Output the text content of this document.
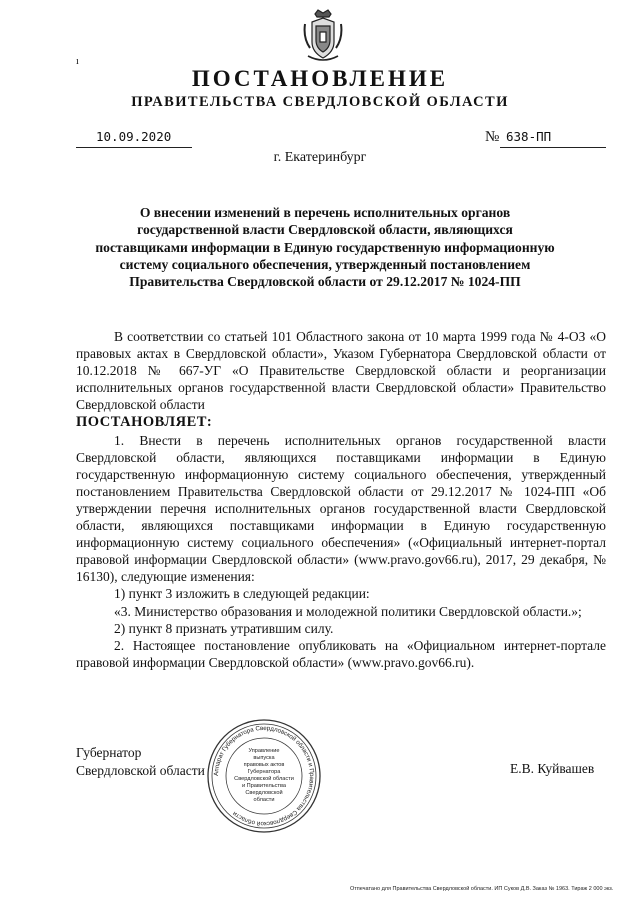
ı
ПОСТАНОВЛЕНИЕ
ПРАВИТЕЛЬСТВА СВЕРДЛОВСКОЙ ОБЛАСТИ
10.09.2020	№ 638-ПП
г. Екатеринбург
О внесении изменений в перечень исполнительных органов
государственной власти Свердловской области, являющихся
поставщиками информации в Единую государственную информационную
систему социального обеспечения, утвержденный постановлением
Правительства Свердловской области от 29.12.2017 № 1024-ПП

В соответствии со статьей 101 Областного закона от 10 марта 1999 года № 4-ОЗ «О правовых актах в Свердловской области», Указом Губернатора Свердловской области от 10.12.2018 № 667-УГ «О Правительстве Свердловской области и реорганизации исполнительных органов государственной власти Свердловской области» Правительство Свердловской области

ПОСТАНОВЛЯЕТ:

1. Внести в перечень исполнительных органов государственной власти Свердловской области, являющихся поставщиками информации в Единую государственную информационную систему социального обеспечения, утвержденный постановлением Правительства Свердловской области от 29.12.2017 № 1024-ПП «Об утверждении перечня исполнительных органов государственной власти Свердловской области, являющихся поставщиками информации в Единую государственную информационную систему социального обеспечения» («Официальный интернет-портал правовой информации Свердловской области» (www.pravo.gov66.ru), 2017, 29 декабря, № 16130), следующие изменения:

1) пункт 3 изложить в следующей редакции:

«3. Министерство образования и молодежной политики Свердловской области.»;

2) пункт 8 признать утратившим силу.

2. Настоящее постановление опубликовать на «Официальном интернет-портале правовой информации Свердловской области» (www.pravo.gov66.ru).

Губернатор
Свердловской области	Е.В. Куйвашев
Аппарат Губернатора Свердловской области и Правительства Свердловской области
Управление
выпуска
правовых актов
Губернатора
Свердловской области
и Правительства
Свердловской
области
Отпечатано для Правительства Свердловской области. ИП Суков Д.В. Заказ № 1963. Тираж 2 000 экз.
